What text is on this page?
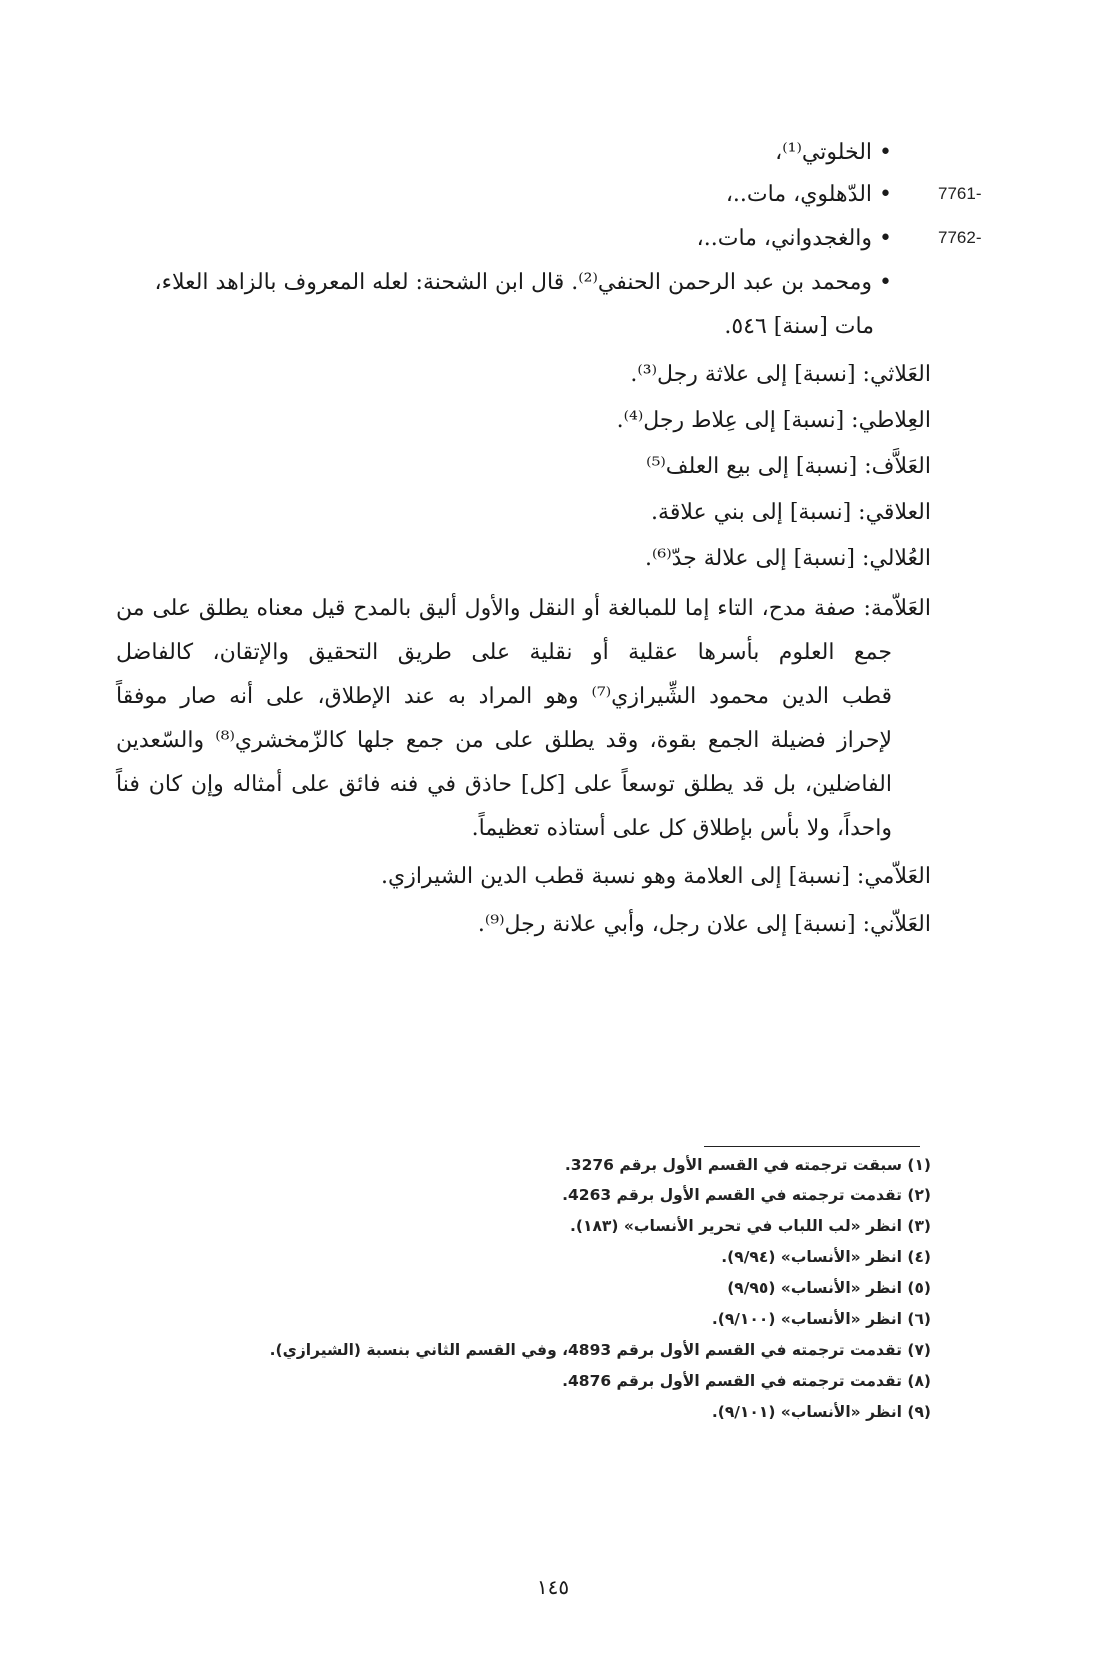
• الخلوتي⁽¹⁾،
7761-
• الدّهلوي، مات..،
7762-
• والغجدواني، مات..،
• ومحمد بن عبد الرحمن الحنفي⁽²⁾. قال ابن الشحنة: لعله المعروف بالزاهد العلاء،
مات [سنة] ٥٤٦.
العَلاثي: [نسبة] إلى علاثة رجل⁽³⁾.
العِلاطي: [نسبة] إلى عِلاط رجل⁽⁴⁾.
العَلاَّف: [نسبة] إلى بيع العلف⁽⁵⁾
العلاقي: [نسبة] إلى بني علاقة.
العُلالي: [نسبة] إلى علالة جدّ⁽⁶⁾.
العَلاّمة: صفة مدح، التاء إما للمبالغة أو النقل والأول أليق بالمدح قيل معناه يطلق على من
جمع العلوم بأسرها عقلية أو نقلية على طريق التحقيق والإتقان، كالفاضل
قطب الدين محمود الشِّيرازي⁽⁷⁾ وهو المراد به عند الإطلاق، على أنه صار موفقاً
لإحراز فضيلة الجمع بقوة، وقد يطلق على من جمع جلها كالزّمخشري⁽⁸⁾ والسّعدين
الفاضلين، بل قد يطلق توسعاً على [كل] حاذق في فنه فائق على أمثاله وإن كان فناً
واحداً، ولا بأس بإطلاق كل على أستاذه تعظيماً.
العَلاّمي: [نسبة] إلى العلامة وهو نسبة قطب الدين الشيرازي.
العَلاّني: [نسبة] إلى علان رجل، وأبي علانة رجل⁽⁹⁾.
(١) سبقت ترجمته في القسم الأول برقم 3276.
(٢) تقدمت ترجمته في القسم الأول برقم 4263.
(٣) انظر «لب اللباب في تحرير الأنساب» (١٨٣).
(٤) انظر «الأنساب» (٩/٩٤).
(٥) انظر «الأنساب» (٩/٩٥)
(٦) انظر «الأنساب» (٩/١٠٠).
(٧) تقدمت ترجمته في القسم الأول برقم 4893، وفي القسم الثاني بنسبة (الشيرازي).
(٨) تقدمت ترجمته في القسم الأول برقم 4876.
(٩) انظر «الأنساب» (٩/١٠١).
١٤٥
